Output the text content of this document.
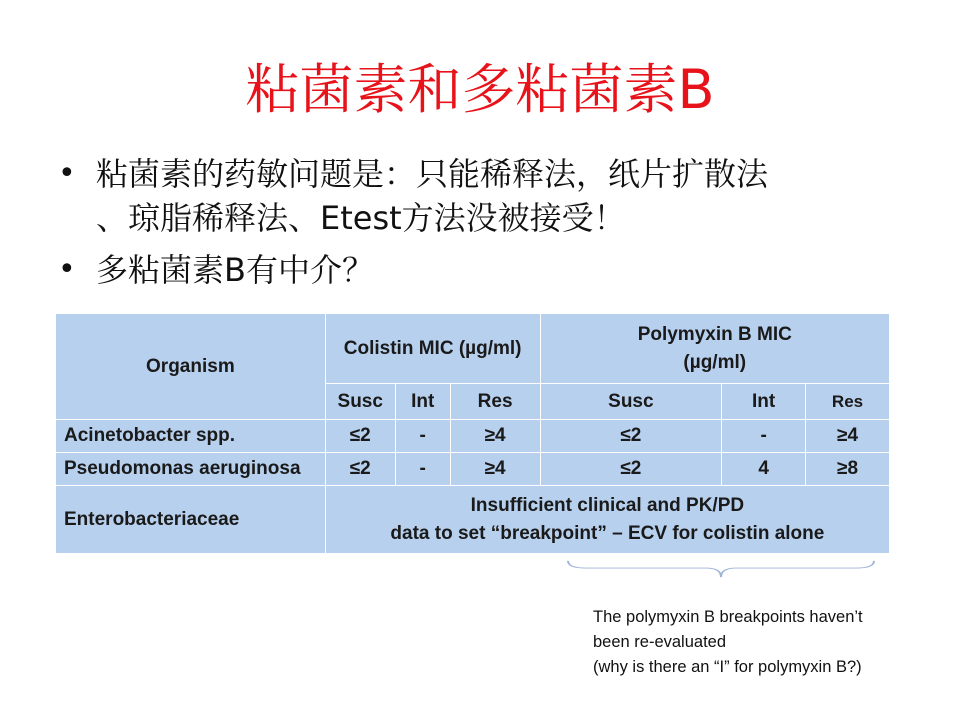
粘菌素和多粘菌素B
• 粘菌素的药敏问题是：只能稀释法，纸片扩散法
、琼脂稀释法、Etest方法没被接受！
• 多粘菌素B有中介？
Organism	Colistin MIC (µg/ml)			Polymyxin B MIC
(µg/ml)		

	Susc	Int	Res	Susc	Int	Res
Acinetobacter spp.	≤2	-	≥4	≤2	-	≥4
Pseudomonas aeruginosa	≤2	-	≥4	≤2	4	≥8
Enterobacteriaceae	Insufficient clinical and PK/PD
data to set “breakpoint” – ECV for colistin alone					
The polymyxin B breakpoints haven’t
been re-evaluated
(why is there an “I” for polymyxin B?)
